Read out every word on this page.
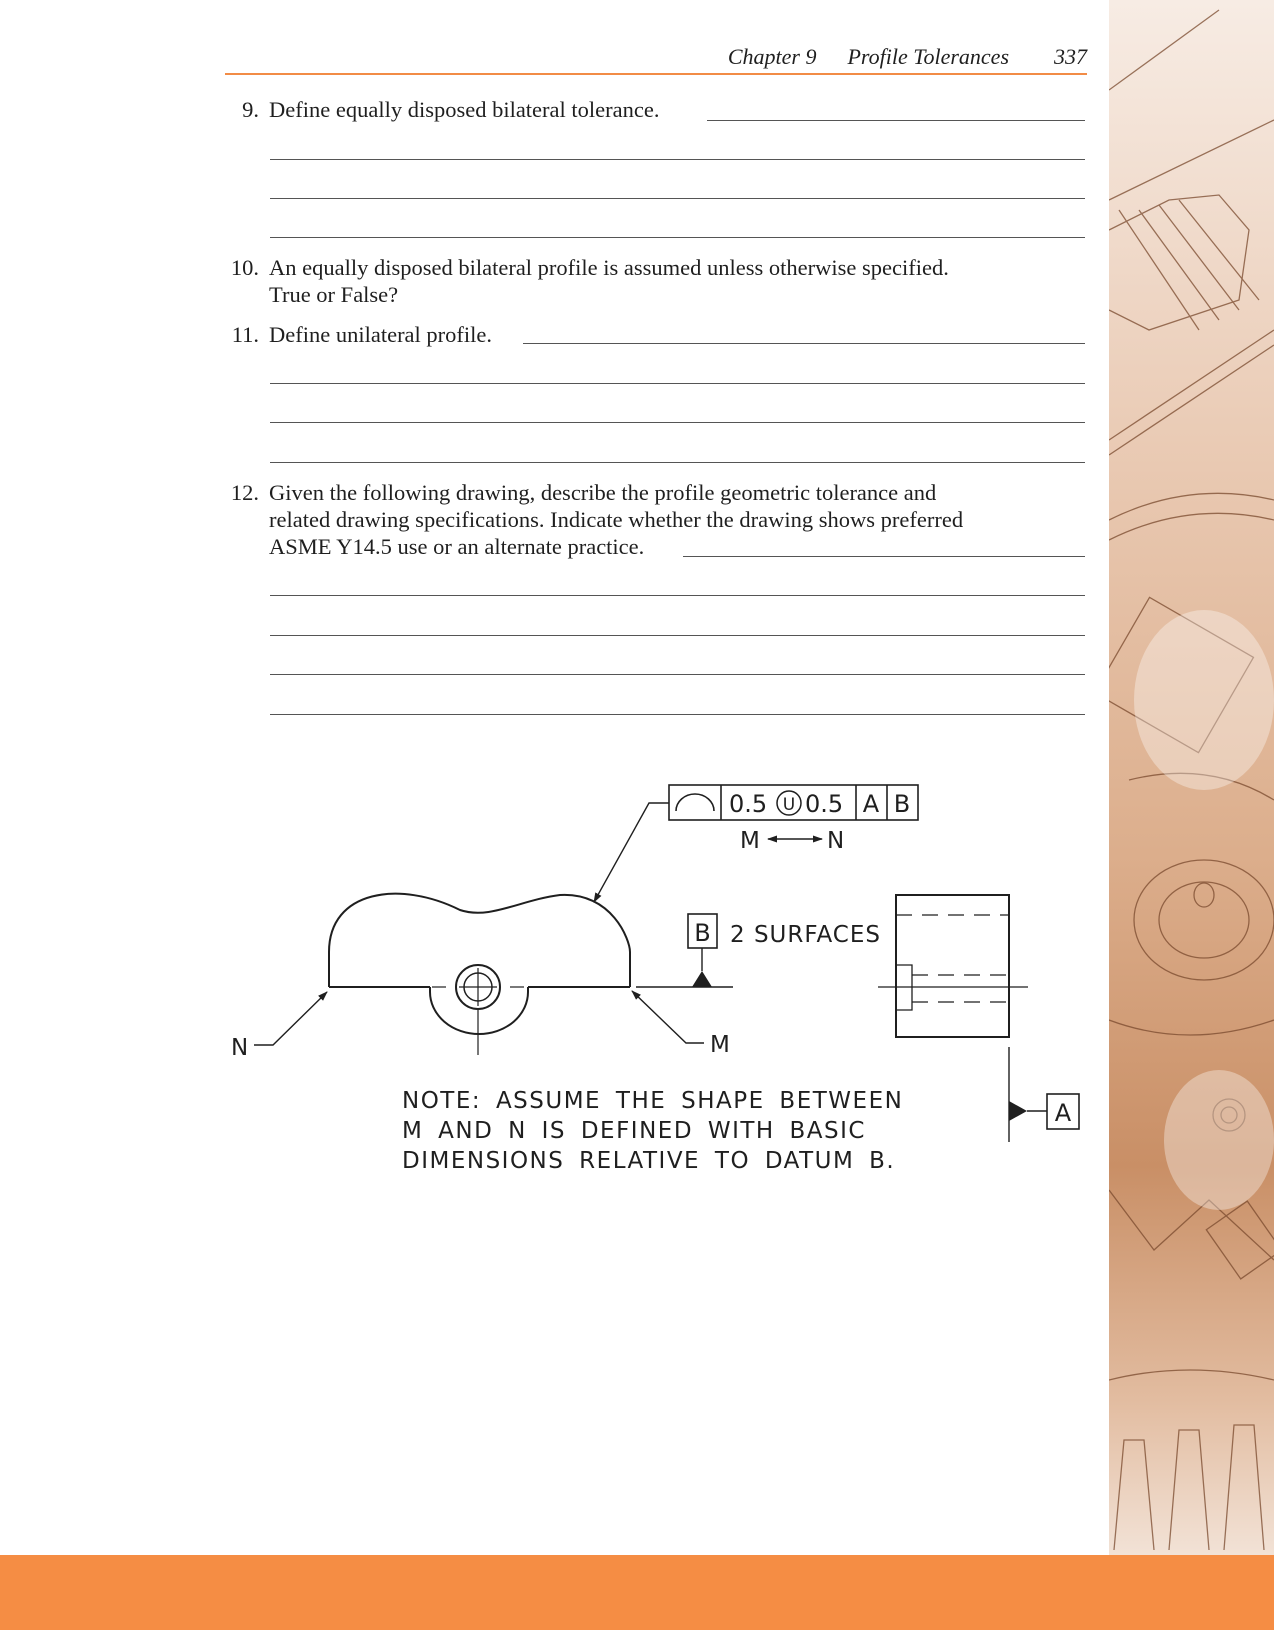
Chapter 9 Profile Tolerances 337
9. Define equally disposed bilateral tolerance.
10. An equally disposed bilateral profile is assumed unless otherwise specified.
True or False?
11. Define unilateral profile.
12. Given the following drawing, describe the profile geometric tolerance and
related drawing specifications. Indicate whether the drawing shows preferred
ASME Y14.5 use or an alternate practice.
0.5 U 0.5 A B
M	N
N	M
B 2 SURFACES
A
NOTE: ASSUME THE SHAPE BETWEEN
M AND N IS DEFINED WITH BASIC
DIMENSIONS RELATIVE TO DATUM B.
